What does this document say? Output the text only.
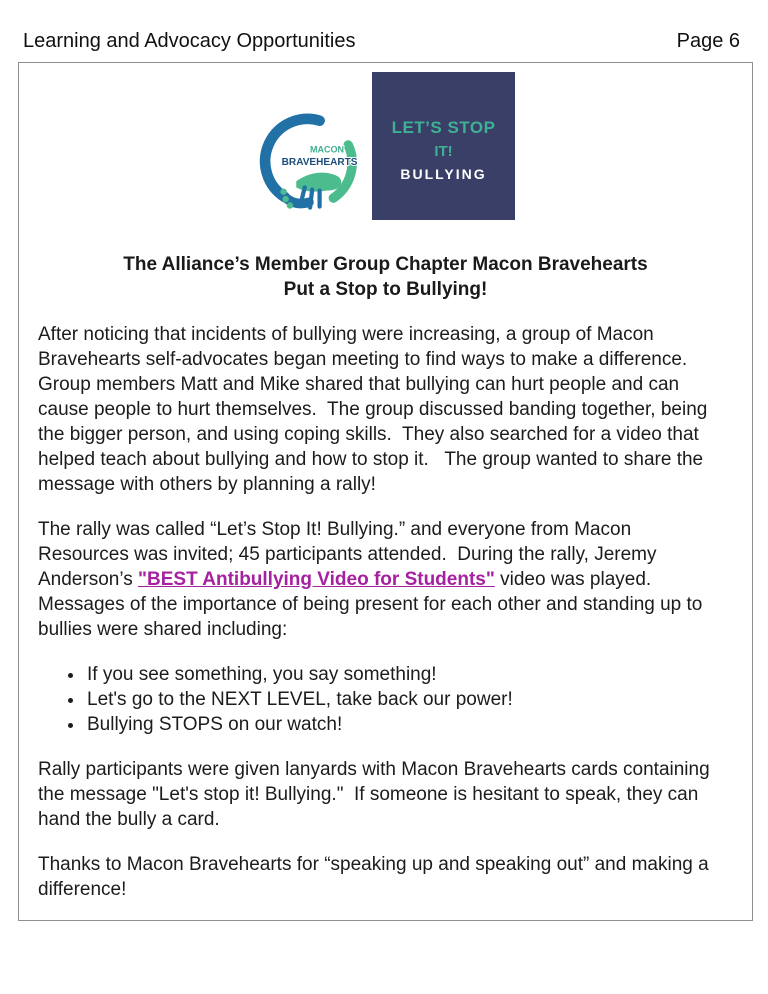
Learning and Advocacy Opportunities	Page 6
MACON
BRAVEHEARTS
LET’S STOP
IT!
BULLYING
The Alliance’s Member Group Chapter Macon Bravehearts
Put a Stop to Bullying!

After noticing that incidents of bullying were increasing, a group of Macon Bravehearts self-advocates began meeting to find ways to make a difference.  Group members Matt and Mike shared that bullying can hurt people and can cause people to hurt themselves.  The group discussed banding together, being the bigger person, and using coping skills.  They also searched for a video that helped teach about bullying and how to stop it.   The group wanted to share the message with others by planning a rally!

The rally was called “Let’s Stop It! Bullying.” and everyone from Macon Resources was invited; 45 participants attended.  During the rally, Jeremy Anderson’s "BEST Antibullying Video for Students" video was played.  Messages of the importance of being present for each other and standing up to bullies were shared including:

• If you see something, you say something!
• Let's go to the NEXT LEVEL, take back our power!
• Bullying STOPS on our watch!

Rally participants were given lanyards with Macon Bravehearts cards containing the message "Let's stop it! Bullying."  If someone is hesitant to speak, they can hand the bully a card.

Thanks to Macon Bravehearts for “speaking up and speaking out” and making a difference!
